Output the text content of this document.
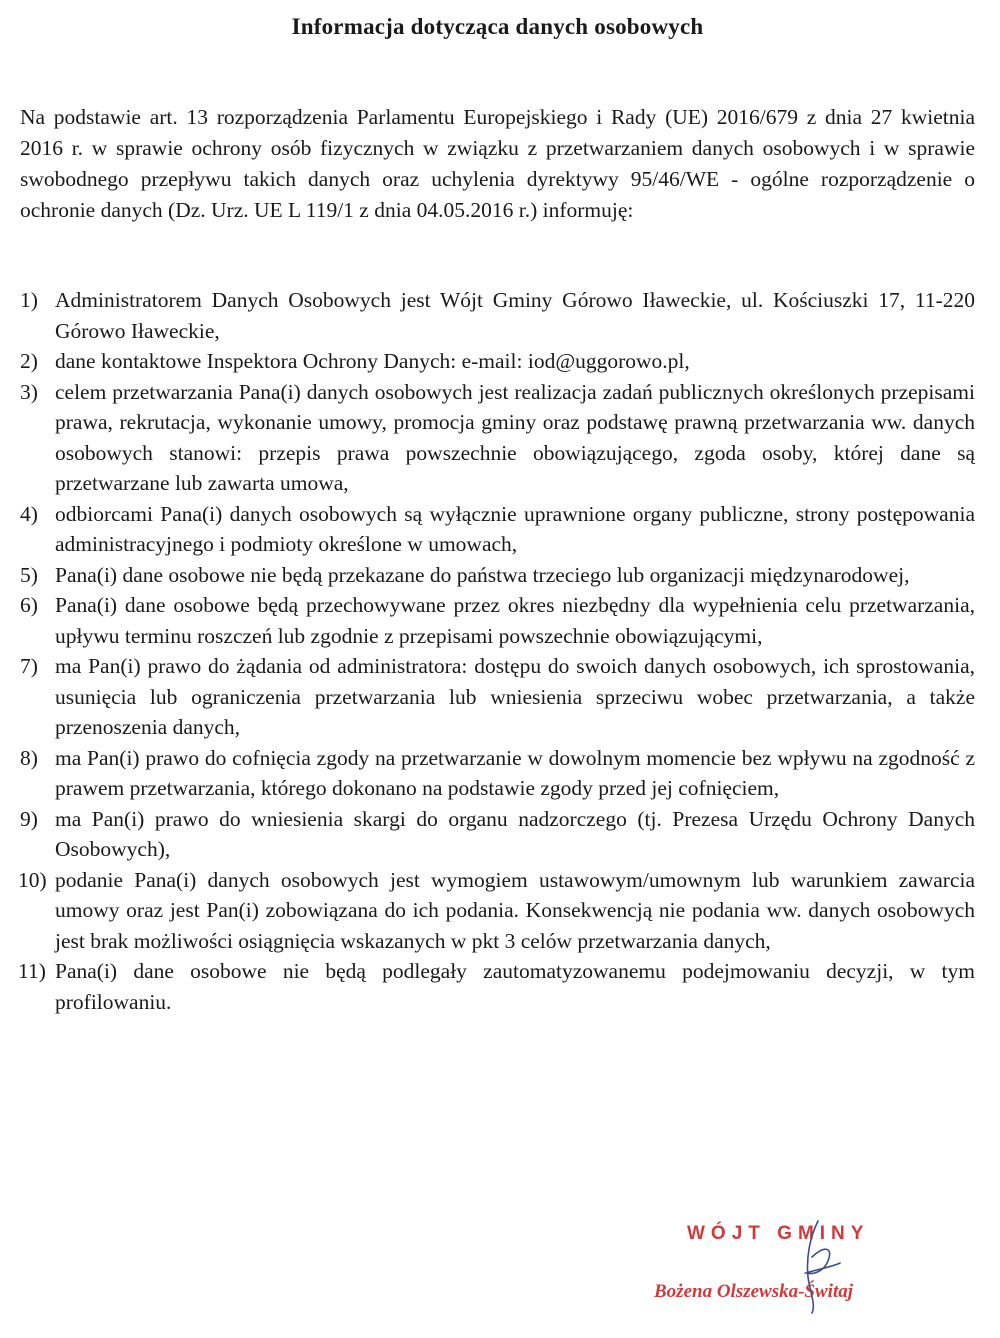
Informacja dotycząca danych osobowych
Na podstawie art. 13 rozporządzenia Parlamentu Europejskiego i Rady (UE) 2016/679 z dnia 27 kwietnia 2016 r. w sprawie ochrony osób fizycznych w związku z przetwarzaniem danych osobowych i w sprawie swobodnego przepływu takich danych oraz uchylenia dyrektywy 95/46/WE - ogólne rozporządzenie o ochronie danych (Dz. Urz. UE L 119/1 z dnia 04.05.2016 r.) informuję:
1) Administratorem Danych Osobowych jest Wójt Gminy Górowo Iławeckie, ul. Kościuszki 17, 11-220 Górowo Iławeckie,
2) dane kontaktowe Inspektora Ochrony Danych: e-mail: iod@uggorowo.pl,
3) celem przetwarzania Pana(i) danych osobowych jest realizacja zadań publicznych określonych przepisami prawa, rekrutacja, wykonanie umowy, promocja gminy oraz podstawę prawną przetwarzania ww. danych osobowych stanowi: przepis prawa powszechnie obowiązującego, zgoda osoby, której dane są przetwarzane lub zawarta umowa,
4) odbiorcami Pana(i) danych osobowych są wyłącznie uprawnione organy publiczne, strony postępowania administracyjnego i podmioty określone w umowach,
5) Pana(i) dane osobowe nie będą przekazane do państwa trzeciego lub organizacji międzynarodowej,
6) Pana(i) dane osobowe będą przechowywane przez okres niezbędny dla wypełnienia celu przetwarzania, upływu terminu roszczeń lub zgodnie z przepisami powszechnie obowiązującymi,
7) ma Pan(i) prawo do żądania od administratora: dostępu do swoich danych osobowych, ich sprostowania, usunięcia lub ograniczenia przetwarzania lub wniesienia sprzeciwu wobec przetwarzania, a także przenoszenia danych,
8) ma Pan(i) prawo do cofnięcia zgody na przetwarzanie w dowolnym momencie bez wpływu na zgodność z prawem przetwarzania, którego dokonano na podstawie zgody przed jej cofnięciem,
9) ma Pan(i) prawo do wniesienia skargi do organu nadzorczego (tj. Prezesa Urzędu Ochrony Danych Osobowych),
10) podanie Pana(i) danych osobowych jest wymogiem ustawowym/umownym lub warunkiem zawarcia umowy oraz jest Pan(i) zobowiązana do ich podania. Konsekwencją nie podania ww. danych osobowych jest brak możliwości osiągnięcia wskazanych w pkt 3 celów przetwarzania danych,
11) Pana(i) dane osobowe nie będą podlegały zautomatyzowanemu podejmowaniu decyzji, w tym profilowaniu.
WÓJT GMINY
Bożena Olszewska-Świtaj
